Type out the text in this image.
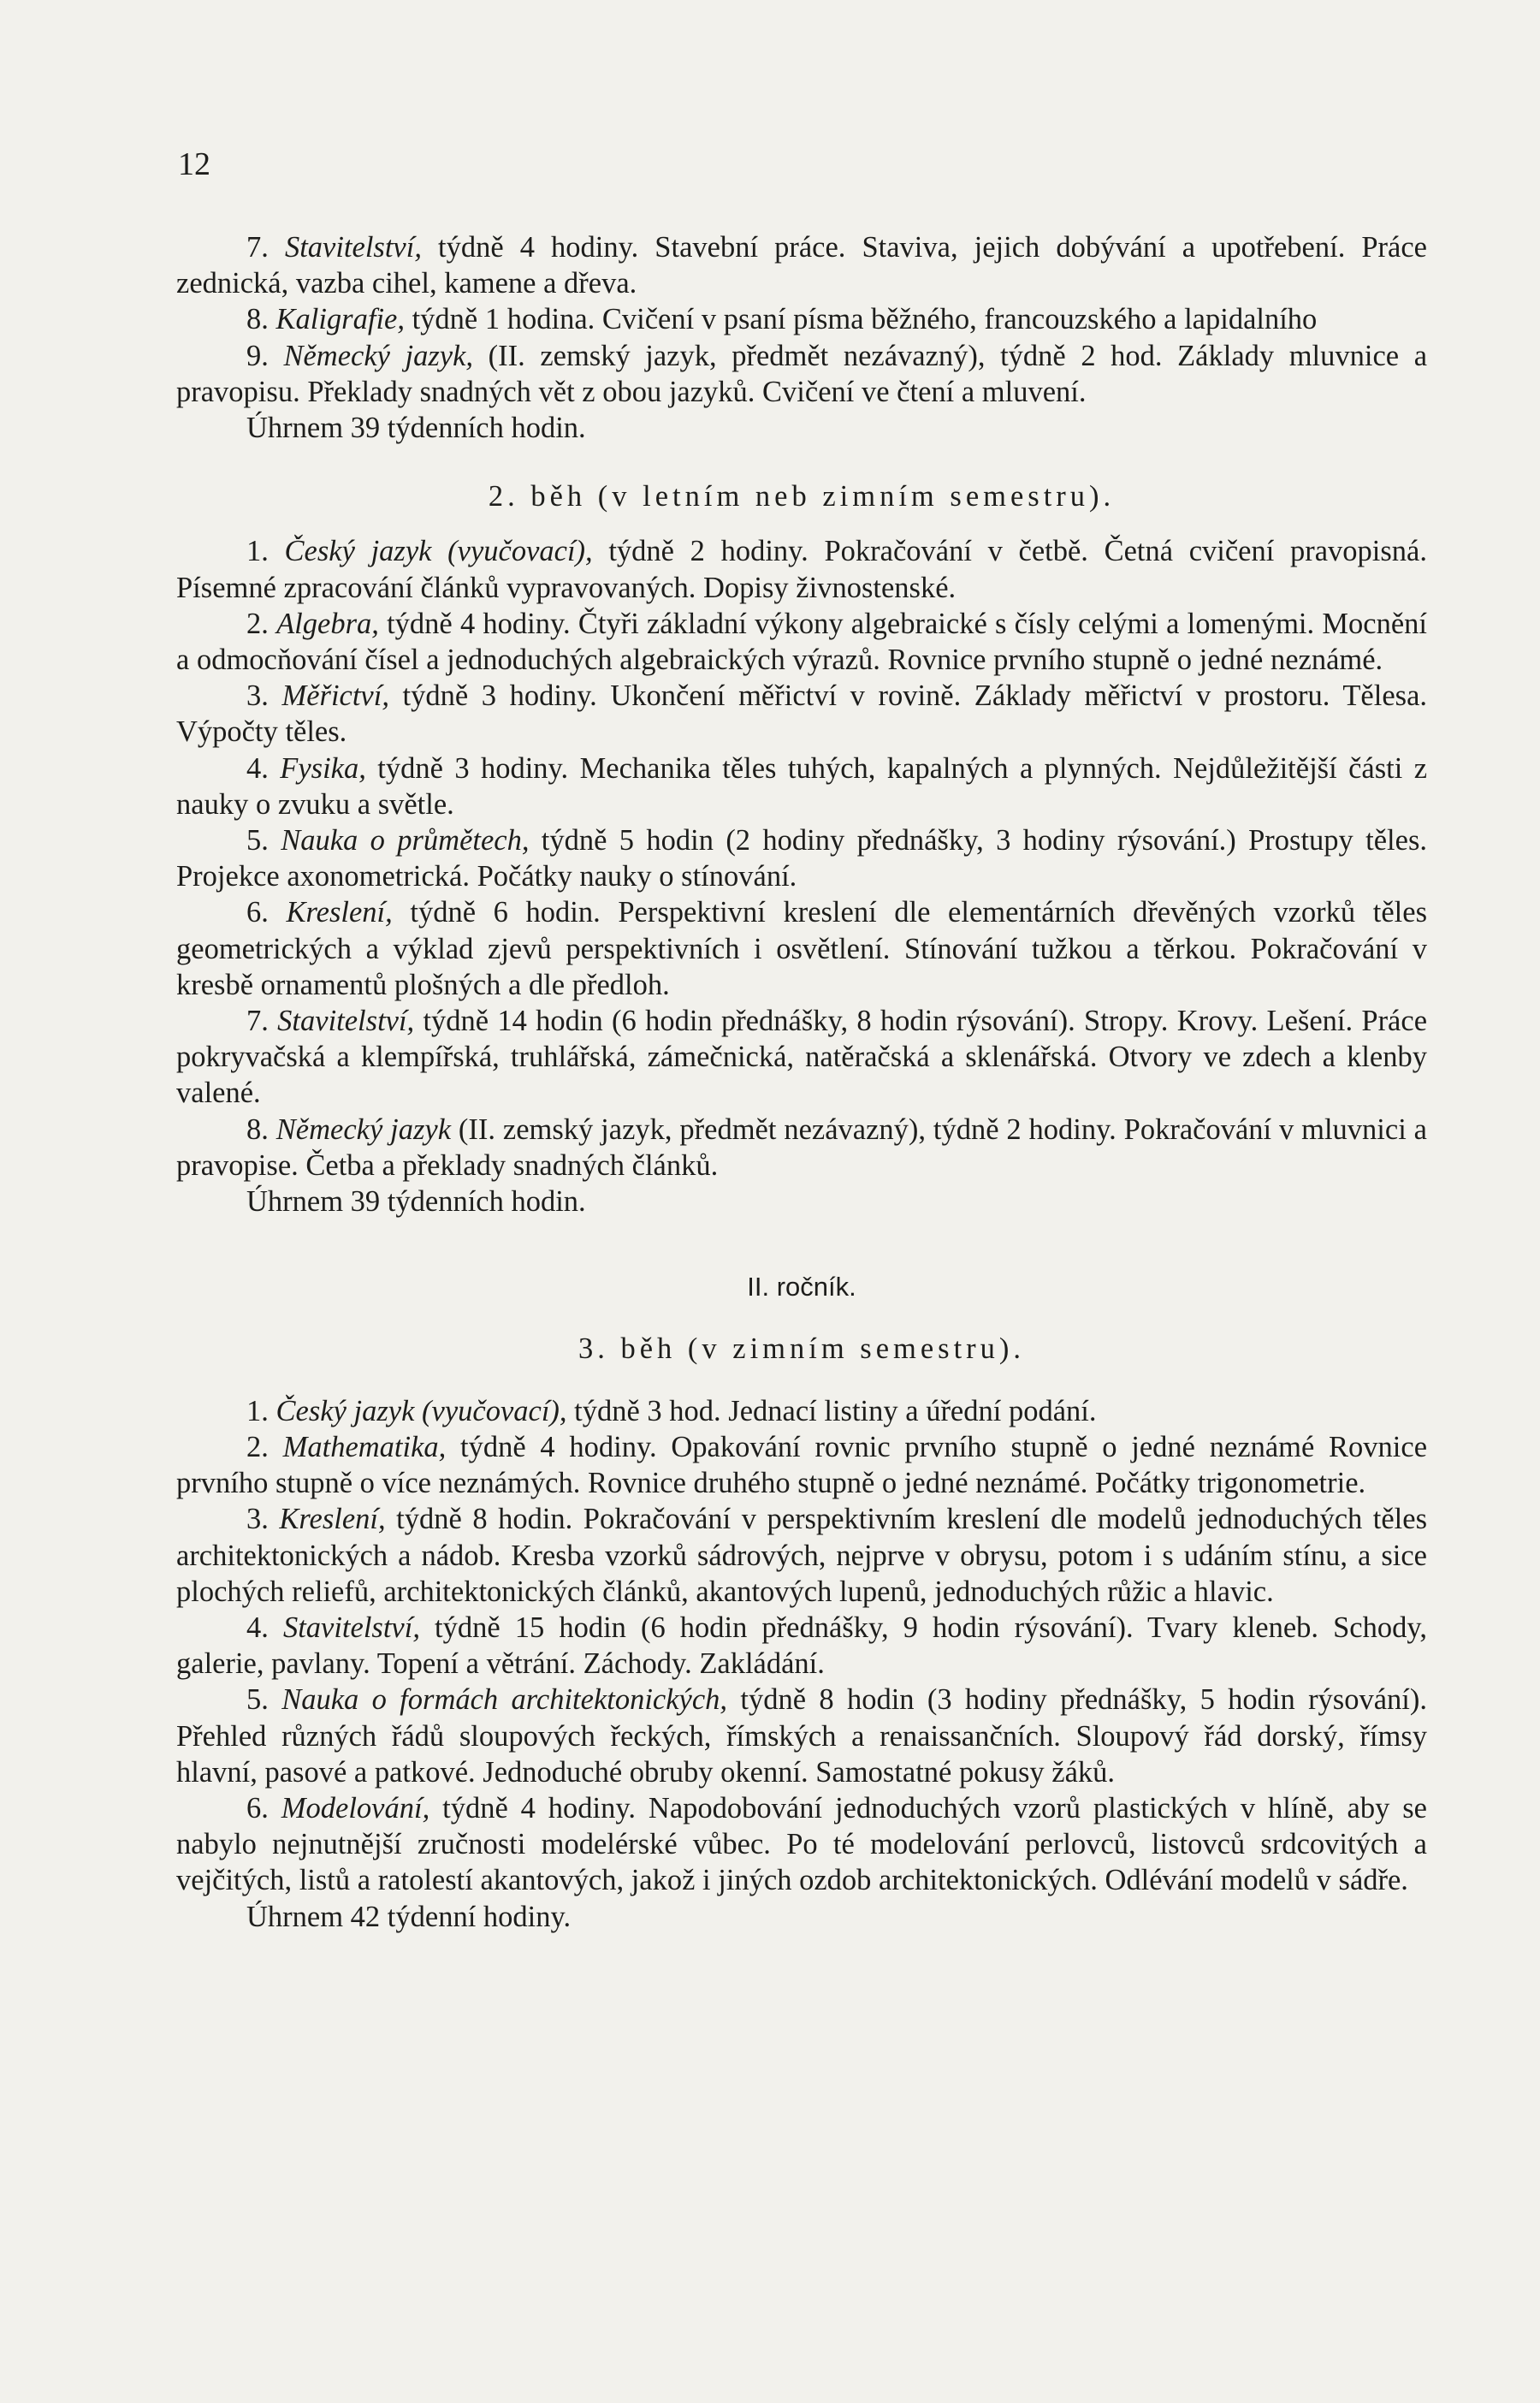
12

7. Stavitelství, týdně 4 hodiny. Stavební práce. Staviva, jejich dobývání a upotřebení. Práce zednická, vazba cihel, kamene a dřeva.

8. Kaligrafie, týdně 1 hodina. Cvičení v psaní písma běžného, francouzského a lapidalního

9. Německý jazyk, (II. zemský jazyk, předmět nezávazný), týdně 2 hod. Základy mluvnice a pravopisu. Překlady snadných vět z obou jazyků. Cvičení ve čtení a mluvení.

Úhrnem 39 týdenních hodin.

2. běh (v letním neb zimním semestru).

1. Český jazyk (vyučovací), týdně 2 hodiny. Pokračování v četbě. Četná cvičení pravopisná. Písemné zpracování článků vypravovaných. Dopisy živnostenské.

2. Algebra, týdně 4 hodiny. Čtyři základní výkony algebraické s čísly celými a lomenými. Mocnění a odmocňování čísel a jednoduchých algebraických výrazů. Rovnice prvního stupně o jedné neznámé.

3. Měřictví, týdně 3 hodiny. Ukončení měřictví v rovině. Základy měřictví v prostoru. Tělesa. Výpočty těles.

4. Fysika, týdně 3 hodiny. Mechanika těles tuhých, kapalných a plynných. Nejdůležitější části z nauky o zvuku a světle.

5. Nauka o průmětech, týdně 5 hodin (2 hodiny přednášky, 3 hodiny rýsování.) Prostupy těles. Projekce axonometrická. Počátky nauky o stínování.

6. Kreslení, týdně 6 hodin. Perspektivní kreslení dle elementárních dřevěných vzorků těles geometrických a výklad zjevů perspektivních i osvětlení. Stínování tužkou a těrkou. Pokračování v kresbě ornamentů plošných a dle předloh.

7. Stavitelství, týdně 14 hodin (6 hodin přednášky, 8 hodin rýsování). Stropy. Krovy. Lešení. Práce pokryvačská a klempířská, truhlářská, zámečnická, natěračská a sklenářská. Otvory ve zdech a klenby valené.

8. Německý jazyk (II. zemský jazyk, předmět nezávazný), týdně 2 hodiny. Pokračování v mluvnici a pravopise. Četba a překlady snadných článků.

Úhrnem 39 týdenních hodin.

II. ročník.

3. běh (v zimním semestru).

1. Český jazyk (vyučovací), týdně 3 hod. Jednací listiny a úřední podání.

2. Mathematika, týdně 4 hodiny. Opakování rovnic prvního stupně o jedné neznámé Rovnice prvního stupně o více neznámých. Rovnice druhého stupně o jedné neznámé. Počátky trigonometrie.

3. Kreslení, týdně 8 hodin. Pokračování v perspektivním kreslení dle modelů jednoduchých těles architektonických a nádob. Kresba vzorků sádrových, nejprve v obrysu, potom i s udáním stínu, a sice plochých reliefů, architektonických článků, akantových lupenů, jednoduchých růžic a hlavic.

4. Stavitelství, týdně 15 hodin (6 hodin přednášky, 9 hodin rýsování). Tvary kleneb. Schody, galerie, pavlany. Topení a větrání. Záchody. Zakládání.

5. Nauka o formách architektonických, týdně 8 hodin (3 hodiny přednášky, 5 hodin rýsování). Přehled různých řádů sloupových řeckých, římských a renaissančních. Sloupový řád dorský, římsy hlavní, pasové a patkové. Jednoduché obruby okenní. Samostatné pokusy žáků.

6. Modelování, týdně 4 hodiny. Napodobování jednoduchých vzorů plastických v hlíně, aby se nabylo nejnutnější zručnosti modelérské vůbec. Po té modelování perlovců, listovců srdcovitých a vejčitých, listů a ratolestí akantových, jakož i jiných ozdob architektonických. Odlévání modelů v sádře.

Úhrnem 42 týdenní hodiny.
